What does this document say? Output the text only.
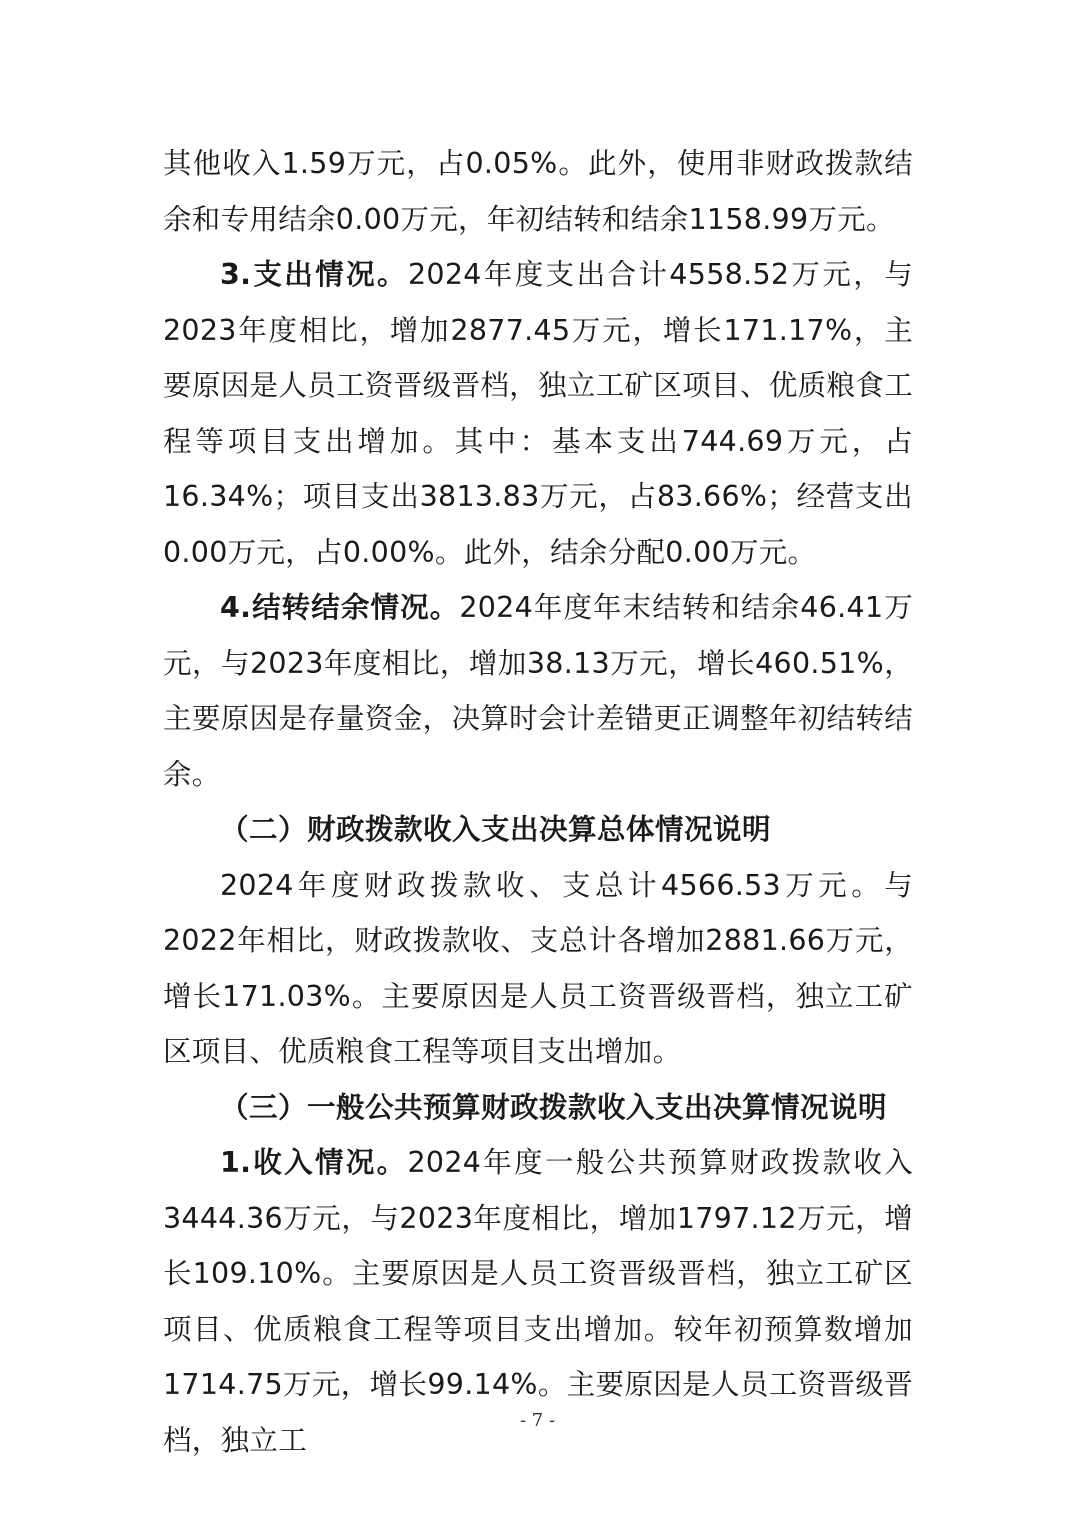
其他收入1.59万元，占0.05%。此外，使用非财政拨款结余和专用结余0.00万元，年初结转和结余1158.99万元。

3.支出情况。2024年度支出合计4558.52万元，与2023年度相比，增加2877.45万元，增长171.17%，主要原因是人员工资晋级晋档，独立工矿区项目、优质粮食工程等项目支出增加。其中：基本支出744.69万元，占16.34%；项目支出3813.83万元，占83.66%；经营支出0.00万元，占0.00%。此外，结余分配0.00万元。

4.结转结余情况。2024年度年末结转和结余46.41万元，与2023年度相比，增加38.13万元，增长460.51%，主要原因是存量资金，决算时会计差错更正调整年初结转结余。

（二）财政拨款收入支出决算总体情况说明

2024年度财政拨款收、支总计4566.53万元。与2022年相比，财政拨款收、支总计各增加2881.66万元，增长171.03%。主要原因是人员工资晋级晋档，独立工矿区项目、优质粮食工程等项目支出增加。

（三）一般公共预算财政拨款收入支出决算情况说明

1.收入情况。2024年度一般公共预算财政拨款收入3444.36万元，与2023年度相比，增加1797.12万元，增长109.10%。主要原因是人员工资晋级晋档，独立工矿区项目、优质粮食工程等项目支出增加。较年初预算数增加1714.75万元，增长99.14%。主要原因是人员工资晋级晋档，独立工

- 7 -
